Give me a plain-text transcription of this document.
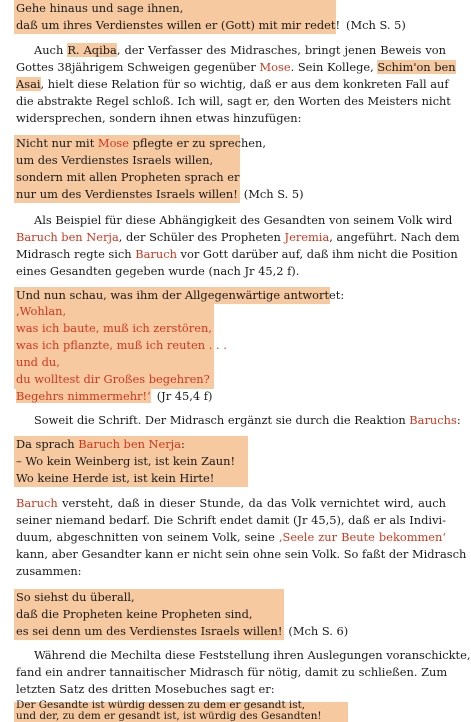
Gehe hinaus und sage ihnen,
daß um ihres Verdienstes willen er (Gott) mit mir redet! (Mch S. 5)
Auch R. Aqiba, der Verfasser des Midrasches, bringt jenen Beweis von
Gottes 38jährigem Schweigen gegenüber Mose. Sein Kollege, Schim'on ben
Asai, hielt diese Relation für so wichtig, daß er aus dem konkreten Fall auf
die abstrakte Regel schloß. Ich will, sagt er, den Worten des Meisters nicht
widersprechen, sondern ihnen etwas hinzufügen:
Nicht nur mit Mose pflegte er zu sprechen,
um des Verdienstes Israels willen,
sondern mit allen Propheten sprach er
nur um des Verdienstes Israels willen! (Mch S. 5)
Als Beispiel für diese Abhängigkeit des Gesandten von seinem Volk wird
Baruch ben Nerja, der Schüler des Propheten Jeremia, angeführt. Nach dem
Midrasch regte sich Baruch vor Gott darüber auf, daß ihm nicht die Position
eines Gesandten gegeben wurde (nach Jr 45,2 f).
Und nun schau, was ihm der Allgegenwärtige antwortet:
‚Wohlan,
was ich baute, muß ich zerstören,
was ich pflanzte, muß ich reuten . . .
und du,
du wolltest dir Großes begehren?
Begehrs nimmermehr!‘ (Jr 45,4 f)
Soweit die Schrift. Der Midrasch ergänzt sie durch die Reaktion Baruchs:
Da sprach Baruch ben Nerja:
– Wo kein Weinberg ist, ist kein Zaun!
Wo keine Herde ist, ist kein Hirte!
Baruch versteht, daß in dieser Stunde, da das Volk vernichtet wird, auch
seiner niemand bedarf. Die Schrift endet damit (Jr 45,5), daß er als Indivi-
duum, abgeschnitten von seinem Volk, seine ‚Seele zur Beute bekommen‘
kann, aber Gesandter kann er nicht sein ohne sein Volk. So faßt der Midrasch
zusammen:
So siehst du überall,
daß die Propheten keine Propheten sind,
es sei denn um des Verdienstes Israels willen! (Mch S. 6)
Während die Mechilta diese Feststellung ihren Auslegungen voranschickte,
fand ein andrer tannaitischer Midrasch für nötig, damit zu schließen. Zum
letzten Satz des dritten Mosebuches sagt er:
Der Gesandte ist würdig dessen zu dem er gesandt ist,
und der, zu dem er gesandt ist, ist würdig des Gesandten!
